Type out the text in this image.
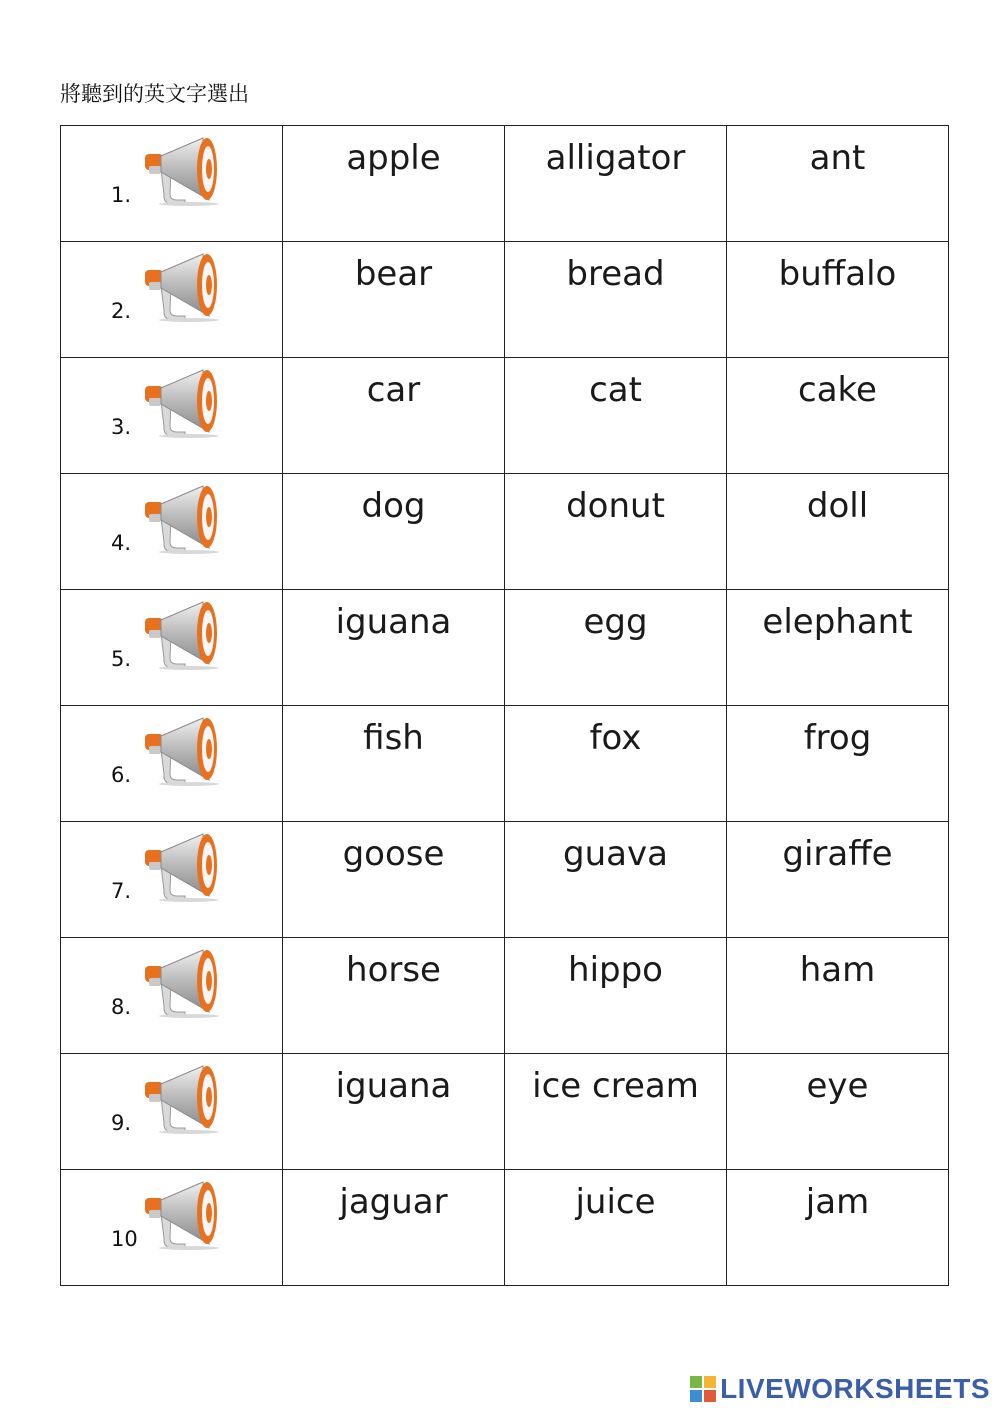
將聽到的英文字選出
1.	apple	alligator	ant

2.	bear	bread	buffalo

3.	car	cat	cake

4.	dog	donut	doll

5.	iguana	egg	elephant

6.	fish	fox	frog

7.	goose	guava	giraffe

8.	horse	hippo	ham

9.	iguana	ice cream	eye

10	jaguar	juice	jam
LIVEWORKSHEETS
